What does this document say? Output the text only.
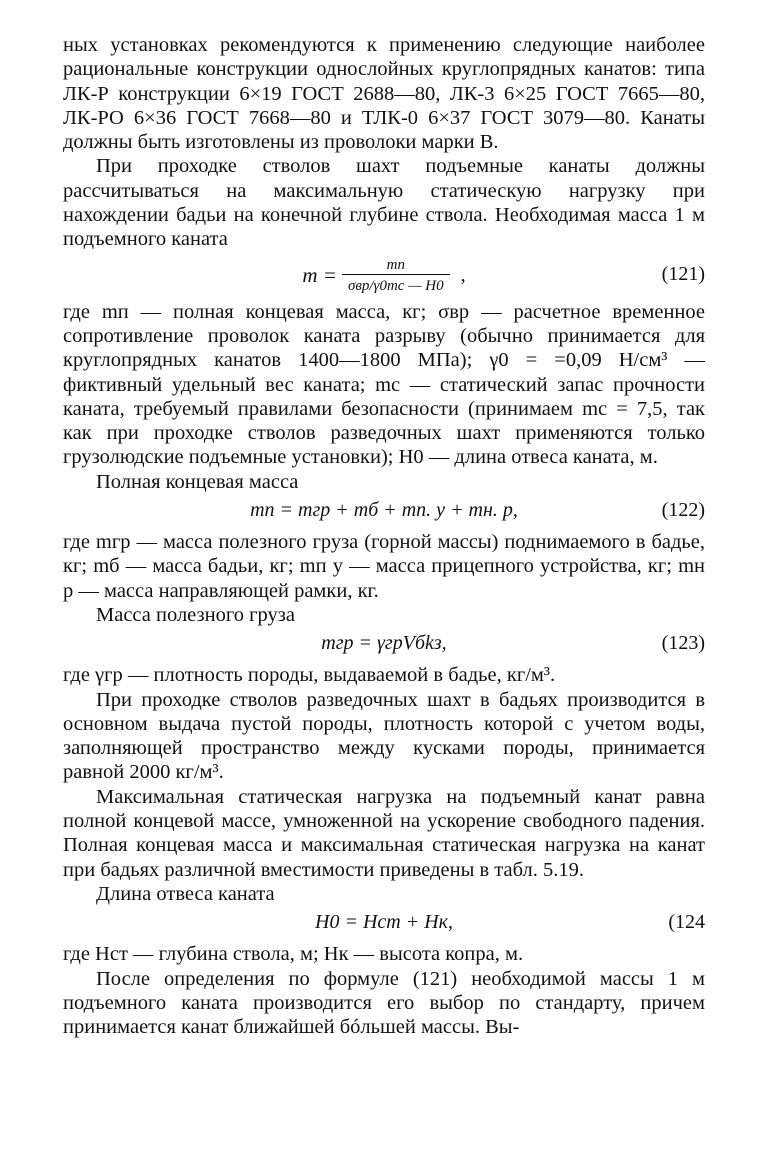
ных установках рекомендуются к применению следующие наиболее рациональные конструкции однослойных круглопрядных канатов: типа ЛК-Р конструкции 6×19 ГОСТ 2688—80, ЛК-3 6×25 ГОСТ 7665—80, ЛК-РО 6×36 ГОСТ 7668—80 и ТЛК-0 6×37 ГОСТ 3079—80. Канаты должны быть изготовлены из проволоки марки В.

При проходке стволов шахт подъемные канаты должны рассчитываться на максимальную статическую нагрузку при нахождении бадьи на конечной глубине ствола. Необходимая масса 1 м подъемного каната

$m = \frac{mп}{\text{σвр/γ0mс — H0}}$ ,	(121)

где mп — полная концевая масса, кг; σвр — расчетное временное сопротивление проволок каната разрыву (обычно принимается для круглопрядных канатов 1400—1800 МПа); γ0 = =0,09 Н/см³ — фиктивный удельный вес каната; mс — статический запас прочности каната, требуемый правилами безопасности (принимаем mс = 7,5, так как при проходке стволов разведочных шахт применяются только грузолюдские подъемные установки); H0 — длина отвеса каната, м.

Полная концевая масса

mп = mгр + mб + mп. у + mн. р,	(122)

где mгр — масса полезного груза (горной массы) поднимаемого в бадье, кг; mб — масса бадьи, кг; mп у — масса прицепного устройства, кг; mн р — масса направляющей рамки, кг.

Масса полезного груза

mгр = γгрVбkз,	(123)

где γгр — плотность породы, выдаваемой в бадье, кг/м³.

При проходке стволов разведочных шахт в бадьях производится в основном выдача пустой породы, плотность которой с учетом воды, заполняющей пространство между кусками породы, принимается равной 2000 кг/м³.

Максимальная статическая нагрузка на подъемный канат равна полной концевой массе, умноженной на ускорение свободного падения. Полная концевая масса и максимальная статическая нагрузка на канат при бадьях различной вместимости приведены в табл. 5.19.

Длина отвеса каната

H0 = Hст + Hк,	(124

где Hст — глубина ствола, м; Hк — высота копра, м.

После определения по формуле (121) необходимой массы 1 м подъемного каната производится его выбор по стандарту, причем принимается канат ближайшей бóльшей массы. Вы-
